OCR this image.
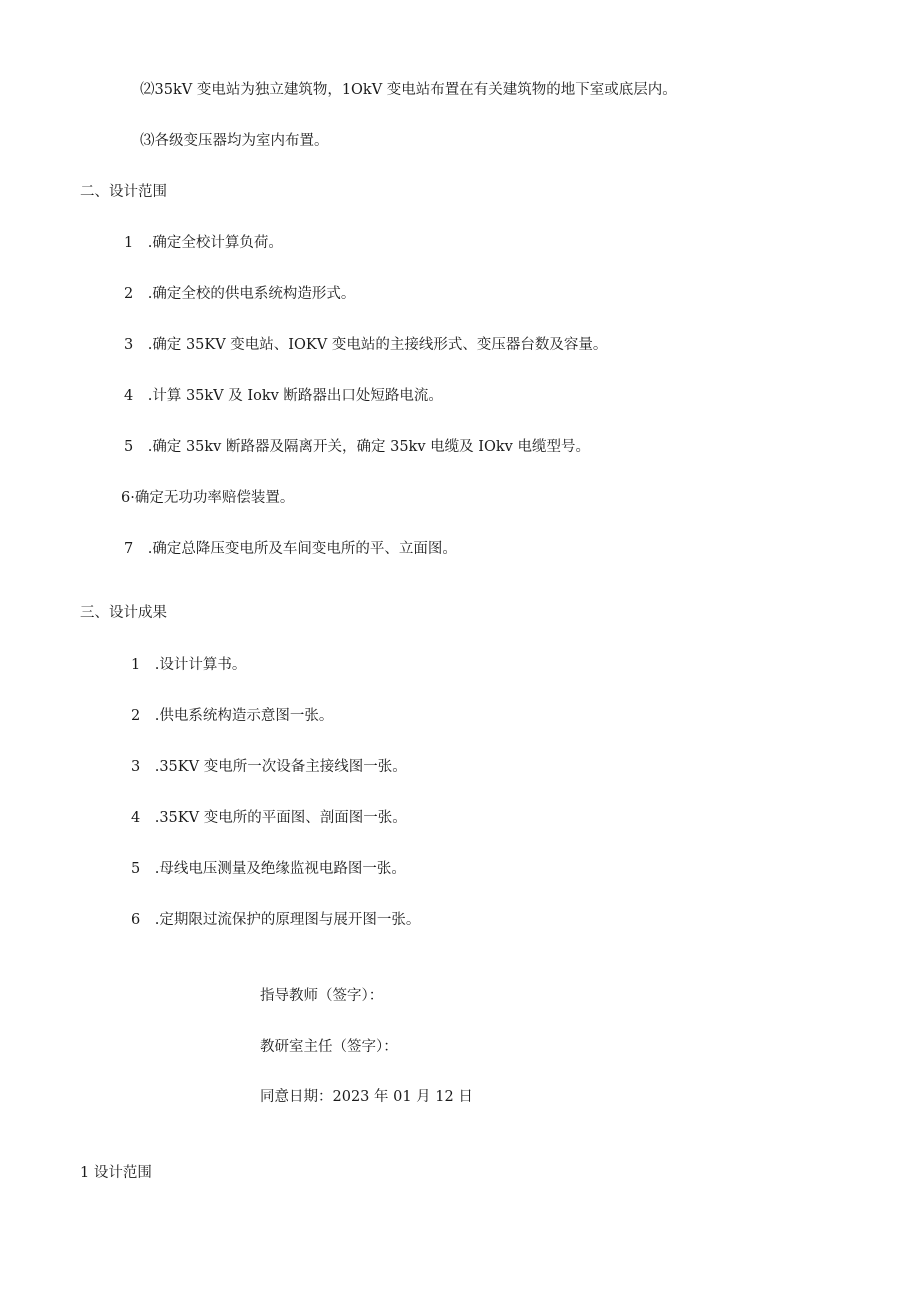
⑵35kV 变电站为独立建筑物，1OkV 变电站布置在有关建筑物的地下室或底层内。
⑶各级变压器均为室内布置。
二、设计范围
1　.确定全校计算负荷。
2　.确定全校的供电系统构造形式。
3　.确定 35KV 变电站、IOKV 变电站的主接线形式、变压器台数及容量。
4　.计算 35kV 及 Iokv 断路器出口处短路电流。
5　.确定 35kv 断路器及隔离开关，确定 35kv 电缆及 IOkv 电缆型号。
6·确定无功功率赔偿装置。
7　.确定总降压变电所及车间变电所的平、立面图。
三、设计成果
1　.设计计算书。
2　.供电系统构造示意图一张。
3　.35KV 变电所一次设备主接线图一张。
4　.35KV 变电所的平面图、剖面图一张。
5　.母线电压测量及绝缘监视电路图一张。
6　.定期限过流保护的原理图与展开图一张。
指导教师（签字）：
教研室主任（签字）：
同意日期：2023 年 01 月 12 日
1 设计范围
